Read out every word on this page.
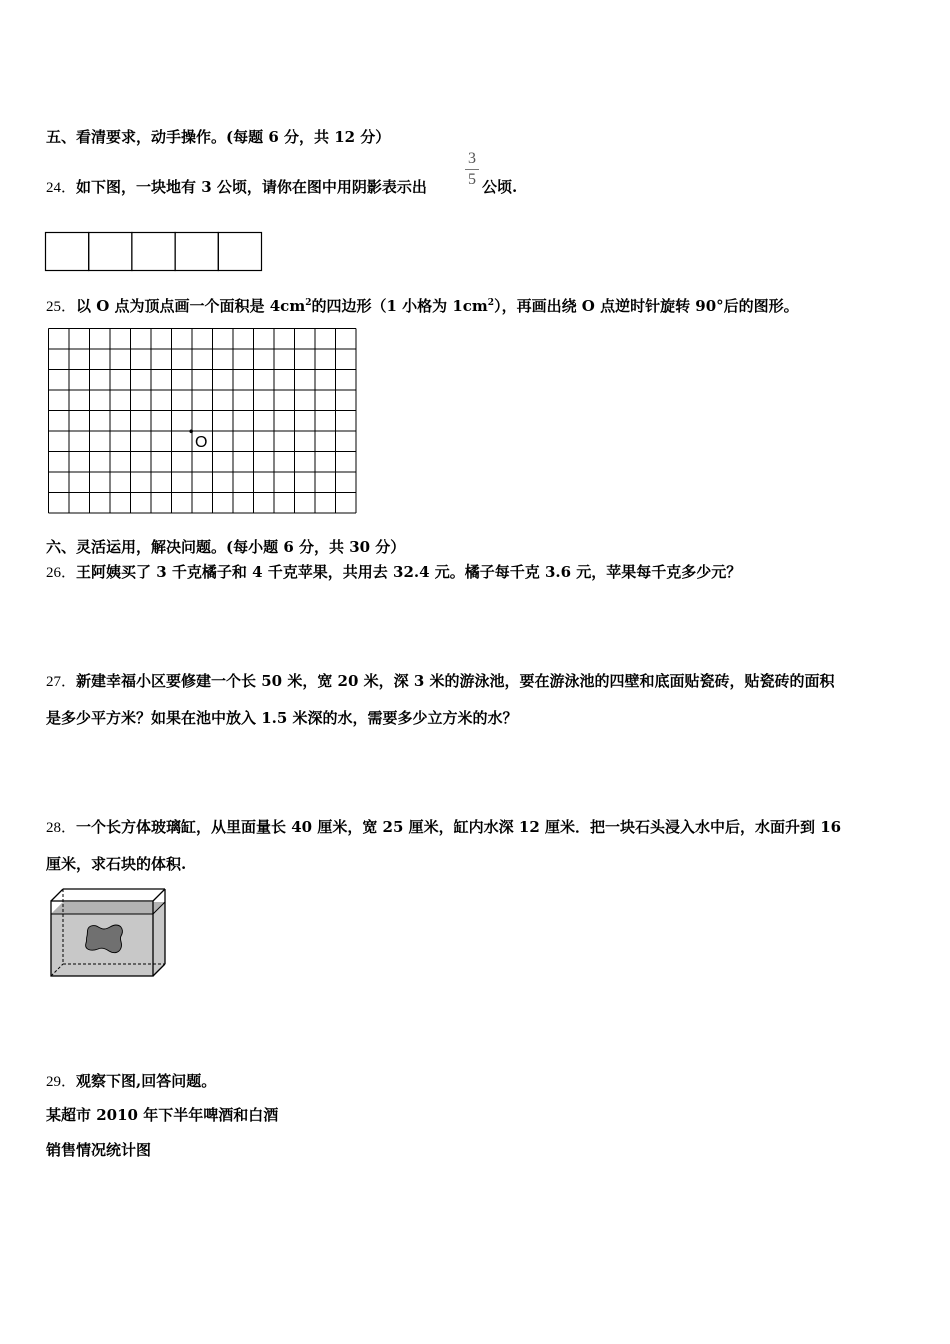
五、看清要求，动手操作。(每题 6 分，共 12 分）
24．如下图，一块地有 3 公顷，请你在图中用阴影表示出
3
5 公顷.
25．以 O 点为顶点画一个面积是 $4cm^2$的四边形（1 小格为 $1cm^2$），再画出绕 O 点逆时针旋转 90°后的图形。
O
六、灵活运用，解决问题。(每小题 6 分，共 30 分）
26．王阿姨买了 3 千克橘子和 4 千克苹果，共用去 32.4 元。橘子每千克 3.6 元，苹果每千克多少元？
27．新建幸福小区要修建一个长 50 米，宽 20 米，深 3 米的游泳池，要在游泳池的四壁和底面贴瓷砖，贴瓷砖的面积
是多少平方米？如果在池中放入 1.5 米深的水，需要多少立方米的水？
28．一个长方体玻璃缸，从里面量长 40 厘米，宽 25 厘米，缸内水深 12 厘米．把一块石头浸入水中后，水面升到 16
厘米，求石块的体积.
29．观察下图,回答问题。
某超市 2010 年下半年啤酒和白酒
销售情况统计图
